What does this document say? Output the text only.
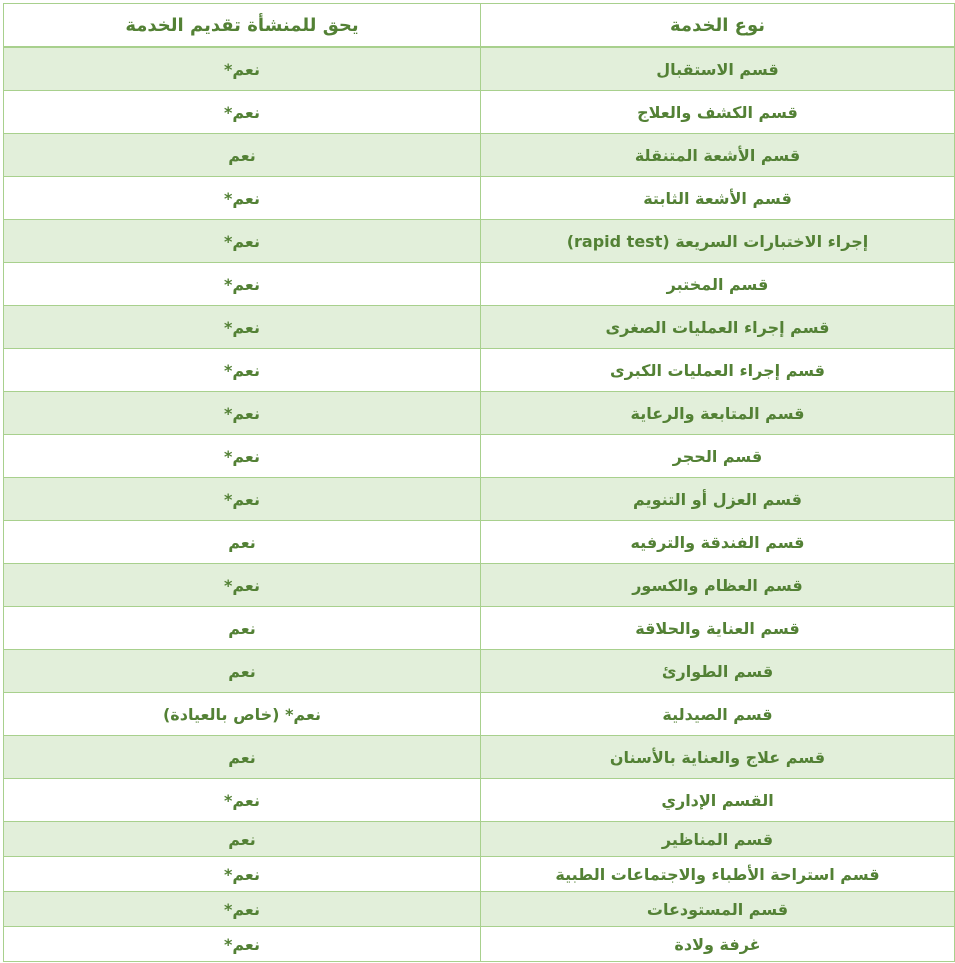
نوع الخدمة	يحق للمنشأة تقديم الخدمة
قسم الاستقبال	نعم*
قسم الكشف والعلاج	نعم*
قسم الأشعة المتنقلة	نعم
قسم الأشعة الثابتة	نعم*
إجراء الاختبارات السريعة (rapid test)	نعم*
قسم المختبر	نعم*
قسم إجراء العمليات الصغرى	نعم*
قسم إجراء العمليات الكبرى	نعم*
قسم المتابعة والرعاية	نعم*
قسم الحجر	نعم*
قسم العزل أو التنويم	نعم*
قسم الفندقة والترفيه	نعم
قسم العظام والكسور	نعم*
قسم العناية والحلاقة	نعم
قسم الطوارئ	نعم
قسم الصيدلية	نعم* (خاص بالعيادة)
قسم علاج والعناية بالأسنان	نعم
القسم الإداري	نعم*
قسم المناظير	نعم
قسم استراحة الأطباء والاجتماعات الطبية	نعم*
قسم المستودعات	نعم*
غرفة ولادة	نعم*
